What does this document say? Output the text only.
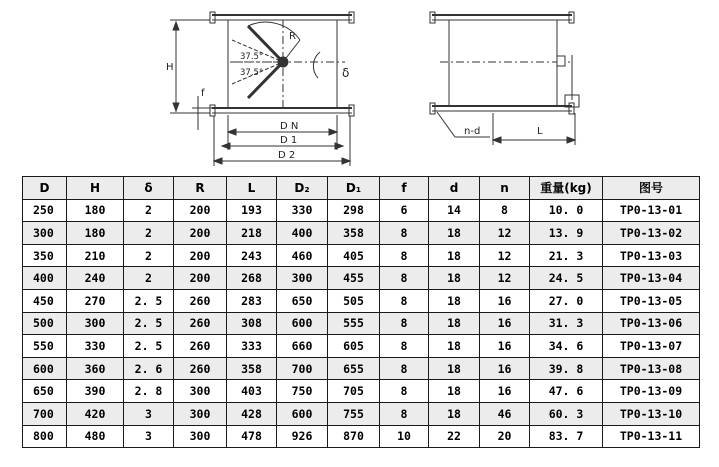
H
R
37.5°
37.5°	δ
f
D N
D 1
D 2
n-d	L
D	H	δ	R	L	D₂	D₁	f	d	n	重量(kg)	图号
250	180	2	200	193	330	298	6	14	8	10. 0	TP0-13-01
300	180	2	200	218	400	358	8	18	12	13. 9	TP0-13-02
350	210	2	200	243	460	405	8	18	12	21. 3	TP0-13-03
400	240	2	200	268	300	455	8	18	12	24. 5	TP0-13-04
450	270	2. 5	260	283	650	505	8	18	16	27. 0	TP0-13-05
500	300	2. 5	260	308	600	555	8	18	16	31. 3	TP0-13-06
550	330	2. 5	260	333	660	605	8	18	16	34. 6	TP0-13-07
600	360	2. 6	260	358	700	655	8	18	16	39. 8	TP0-13-08
650	390	2. 8	300	403	750	705	8	18	16	47. 6	TP0-13-09
700	420	3	300	428	600	755	8	18	46	60. 3	TP0-13-10
800	480	3	300	478	926	870	10	22	20	83. 7	TP0-13-11
